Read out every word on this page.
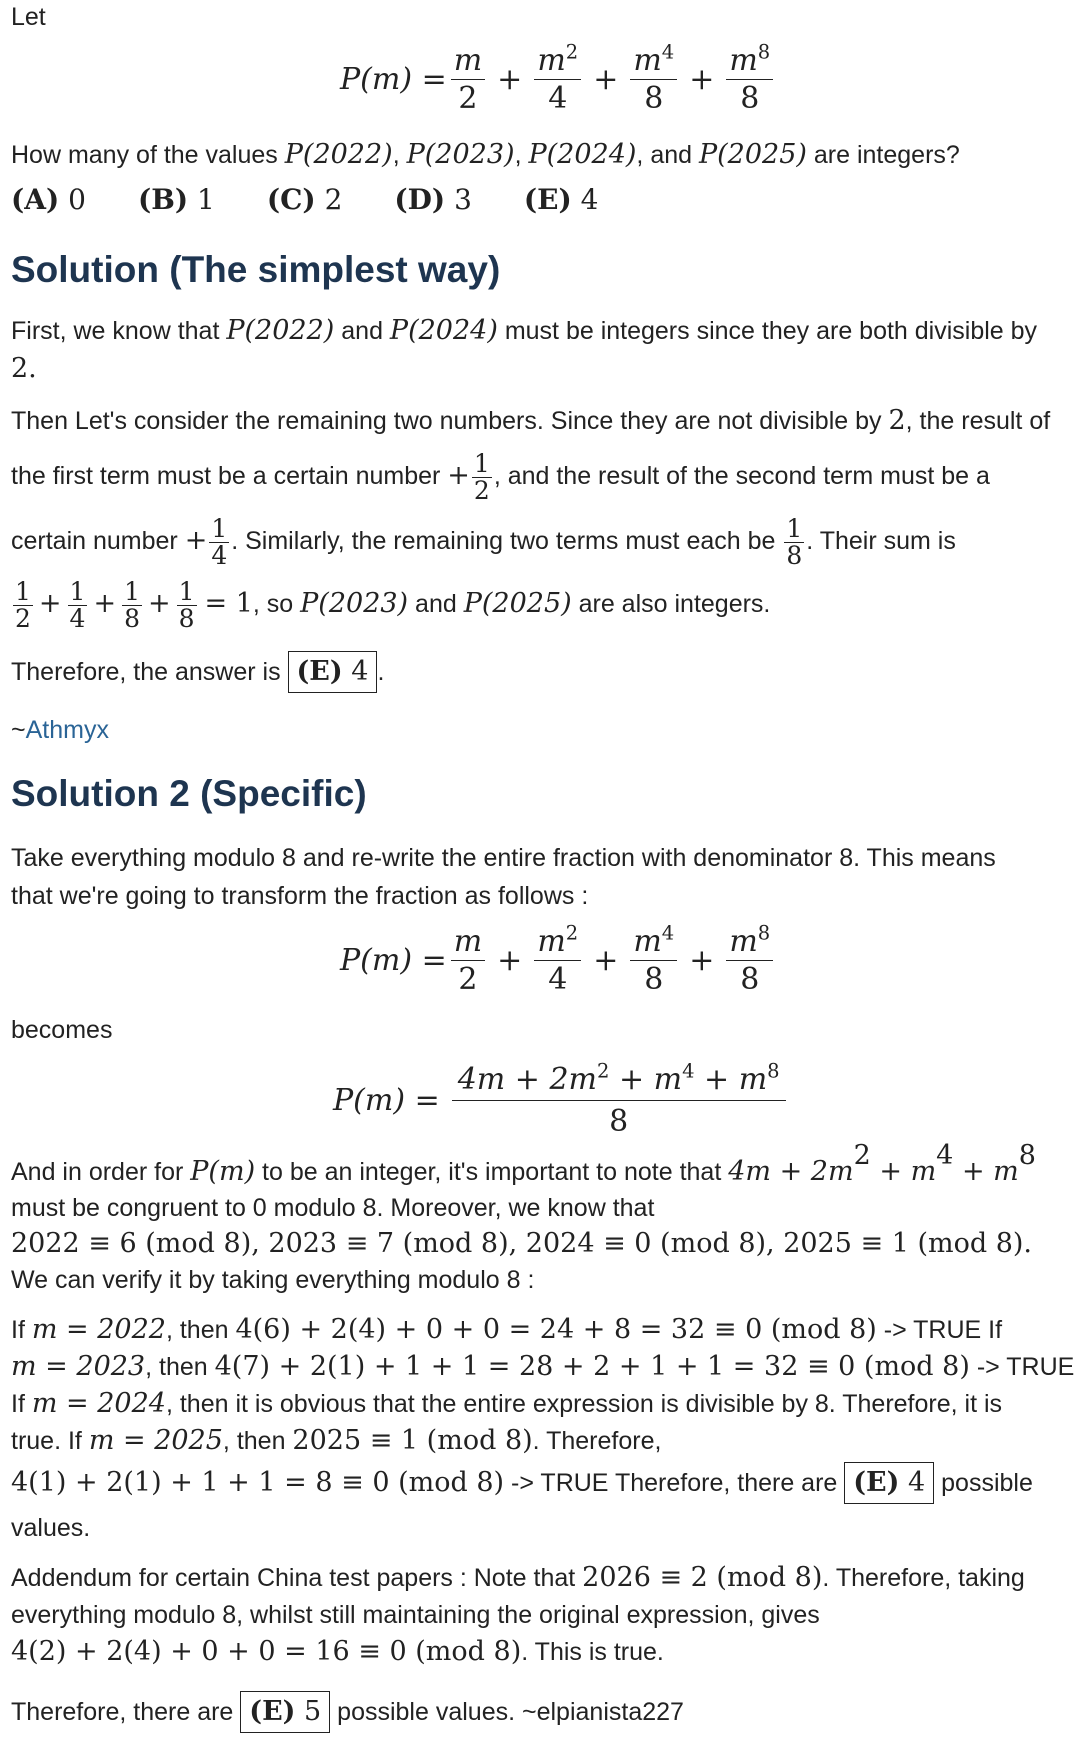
Let
$P(m) = \frac{m}{2} + \frac{m^2}{4} + \frac{m^4}{8} + \frac{m^8}{8}$
How many of the values P(2022), P(2023), P(2024), and P(2025) are integers?
(A) 0 (B) 1 (C) 2 (D) 3 (E) 4
Solution (The simplest way)
First, we know that P(2022) and P(2024) must be integers since they are both divisible by
2.
Then Let's consider the remaining two numbers. Since they are not divisible by 2, the result of
the first term must be a certain number + $\frac{1}{2}$ , and the result of the second term must be a
certain number + $\frac{1}{4}$ . Similarly, the remaining two terms must each be $\frac{1}{8}$ . Their sum is
$\frac{1}{2} + \frac{1}{4} + \frac{1}{8} + \frac{1}{8} = 1$, so P(2023) and P(2025) are also integers.
Therefore, the answer is (E) 4 .
~Athmyx
Solution 2 (Specific)
Take everything modulo 8 and re-write the entire fraction with denominator 8. This means
that we're going to transform the fraction as follows :
$P(m) = \frac{m}{2} + \frac{m^2}{4} + \frac{m^4}{8} + \frac{m^8}{8}$
becomes
$P(m) = \frac{4m + 2m^2 + m^4 + m^8}{8}$
And in order for P(m) to be an integer, it's important to note that $4m + 2m^2 + m^4 + m^8$
must be congruent to 0 modulo 8. Moreover, we know that
2022 ≡ 6 (mod 8), 2023 ≡ 7 (mod 8), 2024 ≡ 0 (mod 8), 2025 ≡ 1 (mod 8).
We can verify it by taking everything modulo 8 :
If m = 2022, then 4(6) + 2(4) + 0 + 0 = 24 + 8 = 32 ≡ 0 (mod 8) -> TRUE If
m = 2023, then 4(7) + 2(1) + 1 + 1 = 28 + 2 + 1 + 1 = 32 ≡ 0 (mod 8) -> TRUE
If m = 2024, then it is obvious that the entire expression is divisible by 8. Therefore, it is
true. If m = 2025, then 2025 ≡ 1 (mod 8). Therefore,
4(1) + 2(1) + 1 + 1 = 8 ≡ 0 (mod 8) -> TRUE Therefore, there are (E) 4 possible
values.
Addendum for certain China test papers : Note that 2026 ≡ 2 (mod 8). Therefore, taking
everything modulo 8, whilst still maintaining the original expression, gives
4(2) + 2(4) + 0 + 0 = 16 ≡ 0 (mod 8). This is true.
Therefore, there are (E) 5 possible values. ~elpianista227
